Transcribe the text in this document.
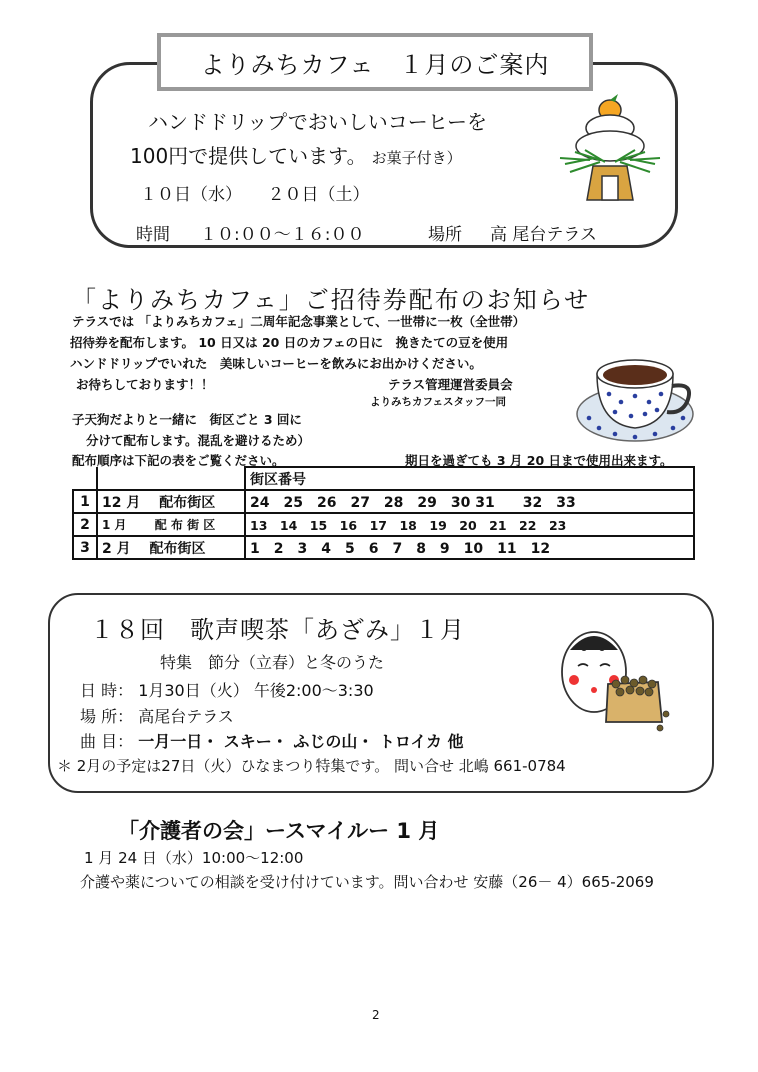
よりみちカフェ　１月のご案内
ハンドドリップでおいしいコーヒーを
100円で提供しています。 お菓子付き）
１０日（水）　　２０日（土）
時間 １０:００～１６:００	場所 高 尾台テラス
「よりみちカフェ」ご招待券配布のお知らせ
テラスでは 「よりみちカフェ」二周年記念事業として、一世帯に一枚（全世帯）
招待券を配布します。 10 日又は 20 日のカフェの日に　挽きたての豆を使用
ハンドドリップでいれた　美味しいコーヒーを飲みにお出かけください。
お待ちしております！！	テラス管理運営委員会
よりみちカフェスタッフ一同
子天狗だよりと一緒に　街区ごと 3 回に
分けて配布します。混乱を避けるため）
配布順序は下記の表をご覧ください。	期日を過ぎても 3 月 20 日まで使用出来ます。
		街区番号
1	12 月　 配布街区	24　25　26　27　28　29　30 31　　32　33
2	1 月　　 配 布 街 区	13　14　15　16　17　18　19　20　21　22　23
3	2 月　 配布街区	1　2　3　4　5　6　7　8　9　10　11　12
１８回　歌声喫茶「あざみ」１月
特集　節分（立春）と冬のうた
日 時： 1月30日（火） 午後2:00～3:30
場 所： 高尾台テラス
曲 目： 一月一日・ スキー・ ふじの山・ トロイカ 他
＊ 2月の予定は27日（火）ひなまつり特集です。 問い合せ 北嶋 661-0784
「介護者の会」ースマイルー 1 月
1 月 24 日（水）10:00～12:00
介護や薬についての相談を受け付けています。問い合わせ 安藤（26－ 4）665-2069
2
